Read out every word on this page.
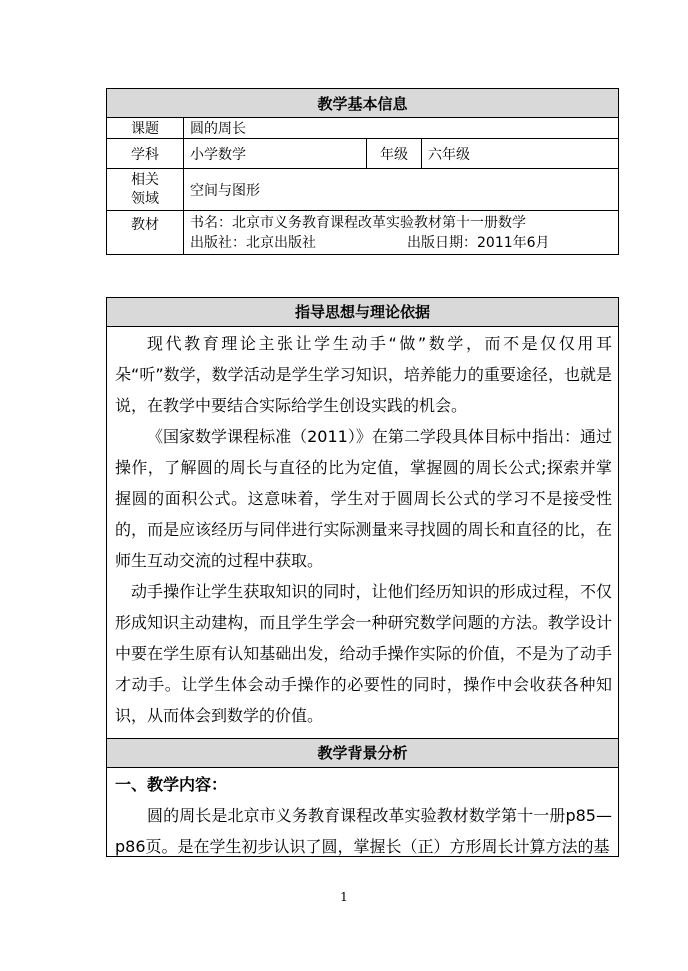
教学基本信息			
课题	圆的周长		
学科	小学数学	年级	六年级

相关
领域	空间与图形		
教材	书名：北京市义务教育课程改革实验教材第十一册数学
出版社：北京出版社 出版日期：2011年6月		
指导思想与理论依据

现代教育理论主张让学生动手“做”数学，而不是仅仅用耳朵“听”数学，数学活动是学生学习知识，培养能力的重要途径，也就是说，在教学中要结合实际给学生创设实践的机会。

《国家数学课程标准（2011）》在第二学段具体目标中指出：通过操作，了解圆的周长与直径的比为定值，掌握圆的周长公式;探索并掌握圆的面积公式。这意味着，学生对于圆周长公式的学习不是接受性的，而是应该经历与同伴进行实际测量来寻找圆的周长和直径的比，在师生互动交流的过程中获取。

动手操作让学生获取知识的同时，让他们经历知识的形成过程，不仅形成知识主动建构，而且学生学会一种研究数学问题的方法。教学设计中要在学生原有认知基础出发，给动手操作实际的价值，不是为了动手才动手。让学生体会动手操作的必要性的同时，操作中会收获各种知识，从而体会到数学的价值。

教学背景分析

一、教学内容：

圆的周长是北京市义务教育课程改革实验教材数学第十一册p85—p86页。是在学生初步认识了圆，掌握长（正）方形周长计算方法的基

1
